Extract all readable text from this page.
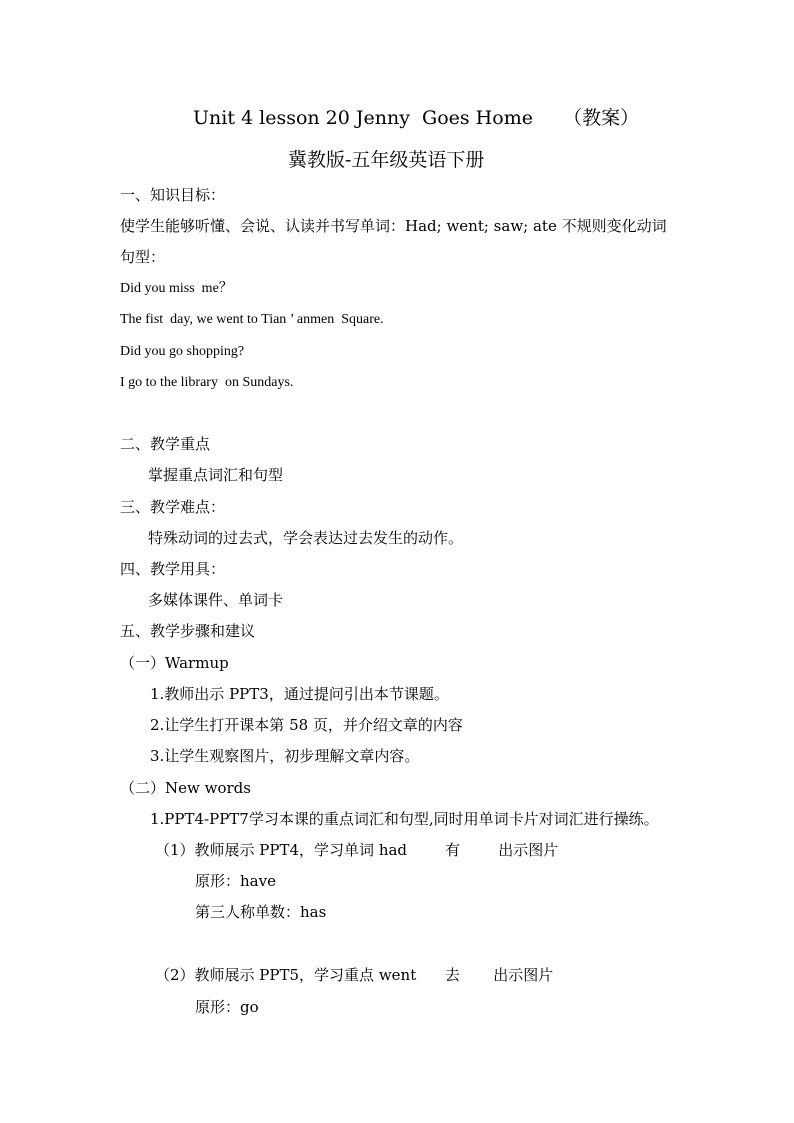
Unit 4 lesson 20 Jenny  Goes Home     （教案）
冀教版-五年级英语下册
一、知识目标：
使学生能够听懂、会说、认读并书写单词：Had; went; saw; ate 不规则变化动词
句型：
Did you miss  me？
The fist  day, we went to Tian ’ anmen  Square.
Did you go shopping?
I go to the library  on Sundays.
二、教学重点
掌握重点词汇和句型
三、教学难点：
特殊动词的过去式，学会表达过去发生的动作。
四、教学用具：
多媒体课件、单词卡
五、教学步骤和建议
（一）Warmup
1.教师出示 PPT3，通过提问引出本节课题。
2.让学生打开课本第 58 页，并介绍文章的内容
3.让学生观察图片，初步理解文章内容。
（二）New words
1.PPT4-PPT7学习本课的重点词汇和句型,同时用单词卡片对词汇进行操练。
（1）教师展示 PPT4，学习单词 had        有        出示图片
原形：have
第三人称单数：has
（2）教师展示 PPT5，学习重点 went      去       出示图片
原形：go
